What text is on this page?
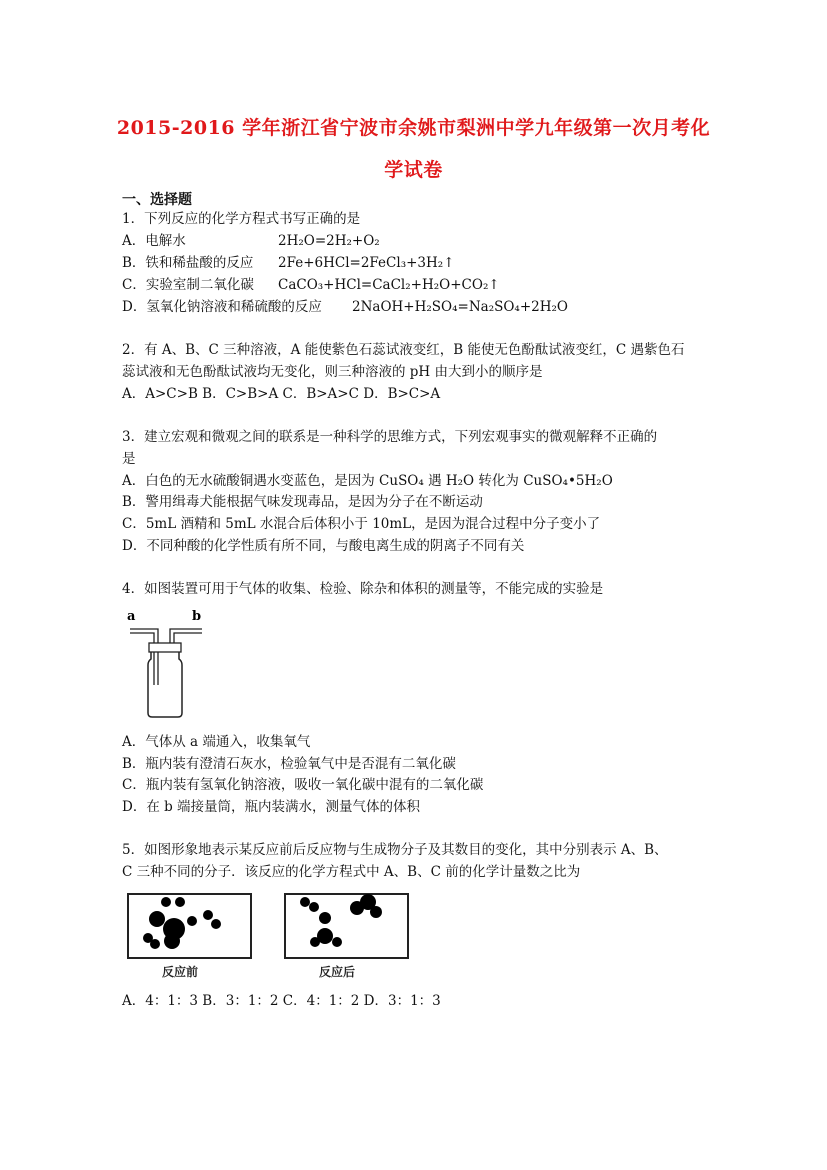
2015-2016 学年浙江省宁波市余姚市梨洲中学九年级第一次月考化
学试卷
一、选择题
1．下列反应的化学方程式书写正确的是
A．电解水	2H₂O=2H₂+O₂
B．铁和稀盐酸的反应 2Fe+6HCl=2FeCl₃+3H₂↑
C．实验室制二氧化碳 CaCO₃+HCl=CaCl₂+H₂O+CO₂↑
D．氢氧化钠溶液和稀硫酸的反应 2NaOH+H₂SO₄=Na₂SO₄+2H₂O
2．有 A、B、C 三种溶液，A 能使紫色石蕊试液变红，B 能使无色酚酞试液变红，C 遇紫色石
蕊试液和无色酚酞试液均无变化，则三种溶液的 pH 由大到小的顺序是
A．A>C>B B．C>B>A C．B>A>C D．B>C>A
3．建立宏观和微观之间的联系是一种科学的思维方式，下列宏观事实的微观解释不正确的
是
A．白色的无水硫酸铜遇水变蓝色，是因为 CuSO₄ 遇 H₂O 转化为 CuSO₄•5H₂O
B．警用缉毒犬能根据气味发现毒品，是因为分子在不断运动
C．5mL 酒精和 5mL 水混合后体积小于 10mL，是因为混合过程中分子变小了
D．不同种酸的化学性质有所不同，与酸电离生成的阴离子不同有关
4．如图装置可用于气体的收集、检验、除杂和体积的测量等，不能完成的实验是
a	b
A．气体从 a 端通入，收集氧气
B．瓶内装有澄清石灰水，检验氧气中是否混有二氧化碳
C．瓶内装有氢氧化钠溶液，吸收一氧化碳中混有的二氧化碳
D．在 b 端接量筒，瓶内装满水，测量气体的体积
5．如图形象地表示某反应前后反应物与生成物分子及其数目的变化，其中分别表示 A、B、
C 三种不同的分子．该反应的化学方程式中 A、B、C 前的化学计量数之比为
反应前	反应后
A．4：1：3 B．3：1：2 C．4：1：2 D．3：1：3
